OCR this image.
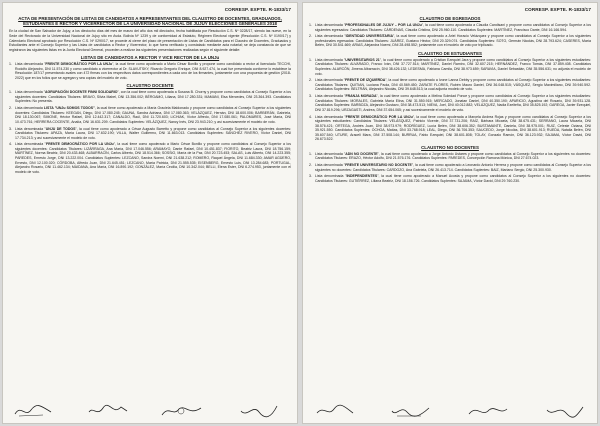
CORRESP. EXPTE. R-1833/17
ACTA DE PRESENTACIÓN DE LISTAS DE CANDIDATOS A REPRESENTANTES DEL CLAUSTRO DE DOCENTES, GRADUADOS, ESTUDIANTES E RECTOR Y VICERRECTOR DE LA UNIVERSIDAD NACIONAL DE JUJUY ELECCIONES GENERALES 2018

En la ciudad de San Salvador de Jujuy, a los dieciocho días del mes de marzo del año dos mil dieciocho, fecha habilitada por Resolución C.S. Nº 0228/17, siendo las nueve, en la Sede del Rectorado de la Universidad Nacional de Jujuy sito en Avda. Bolivia Nº 1239 y de conformidad al Estatuto, Régimen Electoral vigente (Resolución C.S. Nº 0190/17) y Calendario Electoral aprobado por Resolución C.S. Nº 0290/17, se procede al cierre del plazo de presentación de Listas de Candidatos para el Claustro de Docentes, Graduados y Estudiantes ante el Consejo Superior y las Listas de candidatos a Rector y Vicerrector, lo que fuera verificado y constatado mediante acta notarial; se deja constancia de que se registraron las siguientes listas en la Junta Electoral General, proceden a realizar las siguientes presentaciones realizadas según el siguiente detalle:

LISTAS DE CANDIDATOS A RECTOR Y VICE RECTOR DE LA UNJu
1. Lista denominada "FRENTE DEMOCRÁTICO POR LA UNJu", la cual tiene como apoderado a Mario César Bonillo y propone como candidato a rector al licenciado TECCHI, Rodolfo Alejandro, DNI 11.574.230 y como candidato a vicerrector al Dr. SLAVUTSKY, Ricardo Gregorio Enrique, DNI 8.927.474, la cual fue presentada conforme lo establece la Resolución 187/17 presentando avales con 472 firmas con los respectivos datos correspondientes a cada uno de los firmantes, juntamente con una propuesta de gestión (2018-2022) que en los folios que se agregan y sea copias del modelo de voto.
CLAUSTRO DOCENTE
1. Lista denominada "AGRUPACIÓN DOCENTE FINNI SOLIDARIO", con la cual tiene como apoderada a Susana B. Chorny y propone como candidatos al Consejo Superior a los siguientes docentes: Candidatos Titulares: BRAVO, Silvia Mabel, DNI 13.356.002; BÉRGAMO, Liliana, DNI 17.280.331; MAMANI, Elsa Mercedes, DNI 23.364.393. Candidatos Suplentes: No presenta.
2. Lista denominada LISTA "UNJu SOMOS TODOS", la cual tiene como apoderado a María Graciela Maldonado y propone como candidatos al Consejo Superior a los siguientes docentes: Candidatos Titulares: KEEGAN, Diego, DNI 17.080.245; GAUNA, Sandra Adriana, DNI 17.080.363; VELÁZQUEZ, Hernán, DNI 18.600.006; BARBERÁN, Gabriela, DNI 18.130.067; SIMONE, Héctor Rafael, DNI 12.442.317; CANALDO, Raúl, DNI 11.720.603; LICHIAK, Víctor Alfredo, DNI 17.080.061; PALOMARES, José María, DNI 10.473.761; HERRERA COCENTE, Analía, DNI 16.631.209. Candidatos Suplentes: VELÁZQUEZ, Nancy Inés, DNI 23.943.210; y así sucesivamente el modelo de voto.
3. Lista denominada "UNJU DE TODOS", la cual tiene como apoderado a César Augusto Barretto y propone como candidatos al Consejo Superior a los siguientes docentes: Candidatos Titulares: APAZA, María Laura, DNI 17.632.190; VILLA, Walter Guillermo, DNI 11.663.013. Candidatos Suplentes: SÁNCHEZ RIVERO, Víctor Daniel, DNI 17.734.213; y así sucesivamente el modelo de voto.
4. Lista denominada "FRENTE DEMOCRÁTICO POR LA UNJu", la cual tiene como apoderado a Mario César Bonillo y propone como candidatos al Consejo Superior a los siguientes docentes: Candidatos Titulares: LIZÁRRAGA, Ana María, DNI 17.046.556; ARAMAYO, Dante Rafael, DNI 10.451.837; FIORITO, Beatriz Laura, DNI 18.756.159; MARTÍNEZ, Norma Beatriz, DNI 20.433.468; ALBARRACÍN, Carlos Alberto, DNI 18.514.366; SOSSIO, María de la Paz, DNI 20.723.453; SALAS, Luis Alberto, DNI 14.223.355; PAREDES, Ernesto Jorge, DNI 13.222.004. Candidatos Suplentes: LEZCANO, Sandra Noemí, DNI 21.638.212; ROMERO, Raquel Ángela, DNI 11.684.330; AMAR AGÜERO, Ernesto, DNI 12.100.020; CÓRDOBA, Alfredo Juan, DNI 21.645.451; LEZCANO, María Patricia, DNI 21.555.535; EISENBERG, Ernesto Luis, DNI 13.284.683; PORTUGAL, Alejandro Rosario, DNI 11.462.134; MAIDANA, Ana María, DNI 16.890.192; GONZÁLEZ, María Cecilia, DNI 10.342.044; BELLI, Elena Ester, DNI 6.274.953, juntamente con el modelo de voto.
CORRESP. EXPTE. R-1833/17
CLAUSTRO DE EGRESADOS
1. Lista denominada "PROFESIONALES DE JUJUY – POR LA UNJu", la cual tiene como apoderada a Claudia Candisani y propone como candidatos al Consejo Superior a los siguientes egresados: Candidatos Titulares: CÁRDENAS, Claudia Cristina, DNI 25.960.110. Candidatos Suplentes: MARTÍNEZ, Francisco Dante, DNI 16.166.594.
2. Lista denominada "IDENTIDAD UNIVERSITARIA", la cual tiene como apoderado a Ariel Horacio Velázquez y propone como candidatos al Consejo Superior a los siguientes profesionales egresados: Candidatos Titulares: JUÁREZ, Gustavo Héctor, DNI 20.329.074. Candidatos Suplentes: SOTO, Germán Nicolás, DNI 28.793.624; CASERES, María Belén, DNI 30.541.669; ARIAS, Alejandra Noemí, DNI 28.498.552; juntamente con el modelo de voto por triplicado.
CLAUSTRO DE ESTUDIANTES
1. Lista denominada "UNIVERSITARIOS 21", la cual tiene como apoderado a Cristian Ezequiel Jara y propone como candidatos al Consejo Superior a los siguientes estudiantes: Candidatos Titulares: ALVARADO, Franco Iván, DNI 37.727.514; MARTÍNEZ, Daniel Ramiro, DNI 32.607.215; HERNÁNDEZ, Franco Tomás, DNI 37.859.408. Candidatos Suplentes: ALARCÓN, Jimena Albarracín, DNI 38.426.132; LEDESMA, Fabiana Camila, DNI 38.973.659; SARAVIA, Daniel Sebastián, DNI 35.556.631; no adjunta el modelo de voto.
2. Lista denominada "FRENTE DE IZQUIERDA", la cual tiene como apoderado a Ivone Lanna Debby y propone como candidatos al Consejo Superior a los siguientes estudiantes: Candidatos Titulares: QUITIAN, Luciana Paola, DNI 40.569.450; ZARATE FLORES, Rubén Mauro Daniel, DNI 36.048.515; VÁSQUEZ, Sergio Maximiliano, DNI 39.940.592. Candidatos Suplentes: BELTRÁN, Alejandro Nicolás, DNI 39.648.513; la cual adjunta modelo de voto.
3. Lista denominada "FRANJA MORADA", la cual tiene como apoderado a Melina Soledad Ponce y propone como candidatos al Consejo Superior a los siguientes estudiantes: Candidatos Titulares: MORALES, Gabriela María Elina, DNI 31.550.915; MERCADO, Jonatan Daniel, DNI 40.350.190; APARICIO, Agustina del Rosario, DNI 39.931.128. Candidatos Suplentes: BARBOZA, Alejandro Gustavo, DNI 38.473.513; NIEVA, Joel, DNI 40.012.882; VELÁZQUEZ, Nadia Ezelteña, DNI 35.825.192; GAREGA, Javier Ezequiel, DNI 37.819.296; URZAGASTI, Andrea, DNI 37.654.065; y así sucesivamente el modelo de voto.
4. Lista denominada "FRENTE DEMOCRÁTICO POR LA UNJu", la cual tiene como apoderada a Marcela Andrea Rojas y propone como candidatos al Consejo Superior a los siguientes estudiantes: Candidatos Titulares: VELÁSQUEZ, Patricio Vicente, DNI 37.731.206; RAÍZ, Bárbara Micaela, DNI 38.675.431; SERRANO, Laura Micaela, DNI 38.576.421; ORTEGA, Andrés Juan, DNI 38.973.979; RODRÍGUEZ, Lucía Belén, DNI 38.606.352; BUSTAMANTE, Daniela, DNI 38.975.001; RUIZ, Celeste Oziana, DNI 35.921.550. Candidatos Suplentes: OCHOA, Matías, DNI 33.768.918; LEAL, Diego, DNI 36.706.353; SAUCEDO, Jorge Nicolás, DNI 38.601.913; RUEDA, Natalia Belén, DNI 35.607.540; UTURE, Araceli Mara, DNI 37.508.144; BURRUA, Fabio Ezequiel, DNI 38.601.808; TOLAY, Gonzalo Ramón, DNI 36.123.932; SAJAMA, Víctor David, DNI 26.673.522.
CLAUSTRO NO DOCENTES
1. Lista denominada "ADN NO DOCENTE", la cual tiene como apoderado a Jorge Antonio Ustares y propone como candidatos al Consejo Superior a los siguientes no docentes: Candidatos Titulares: ERAZO, Héctor Adolfo, DNI 21.576.176. Candidatos Suplentes: PAREDES, Concepción Ramona Mónica, DNI 27.674.023.
2. Lista denominada "FRENTE UNIVERSITARIO NO DOCENTE", la cual tiene como apoderado a Leonardo Antonio Herrera y propone como candidatos al Consejo Superior a los siguientes no docentes: Candidatos Titulares: CARDOZO, Ana Gabriela, DNI 26.413.714. Candidatos Suplentes: BAIZ, Mariano Sergio, DNI 25.300.930.
3. Lista denominada "INDEPENDIENTES", la cual tiene como apoderado a Manuel Acosta y propone como candidatos al Consejo Superior a los siguientes no docentes: Candidatos Titulares: GUTIÉRREZ, Liliana Beatriz, DNI 18.156.726. Candidatos Suplentes: SAJAMA, Víctor David, DNI 29.760.230.
